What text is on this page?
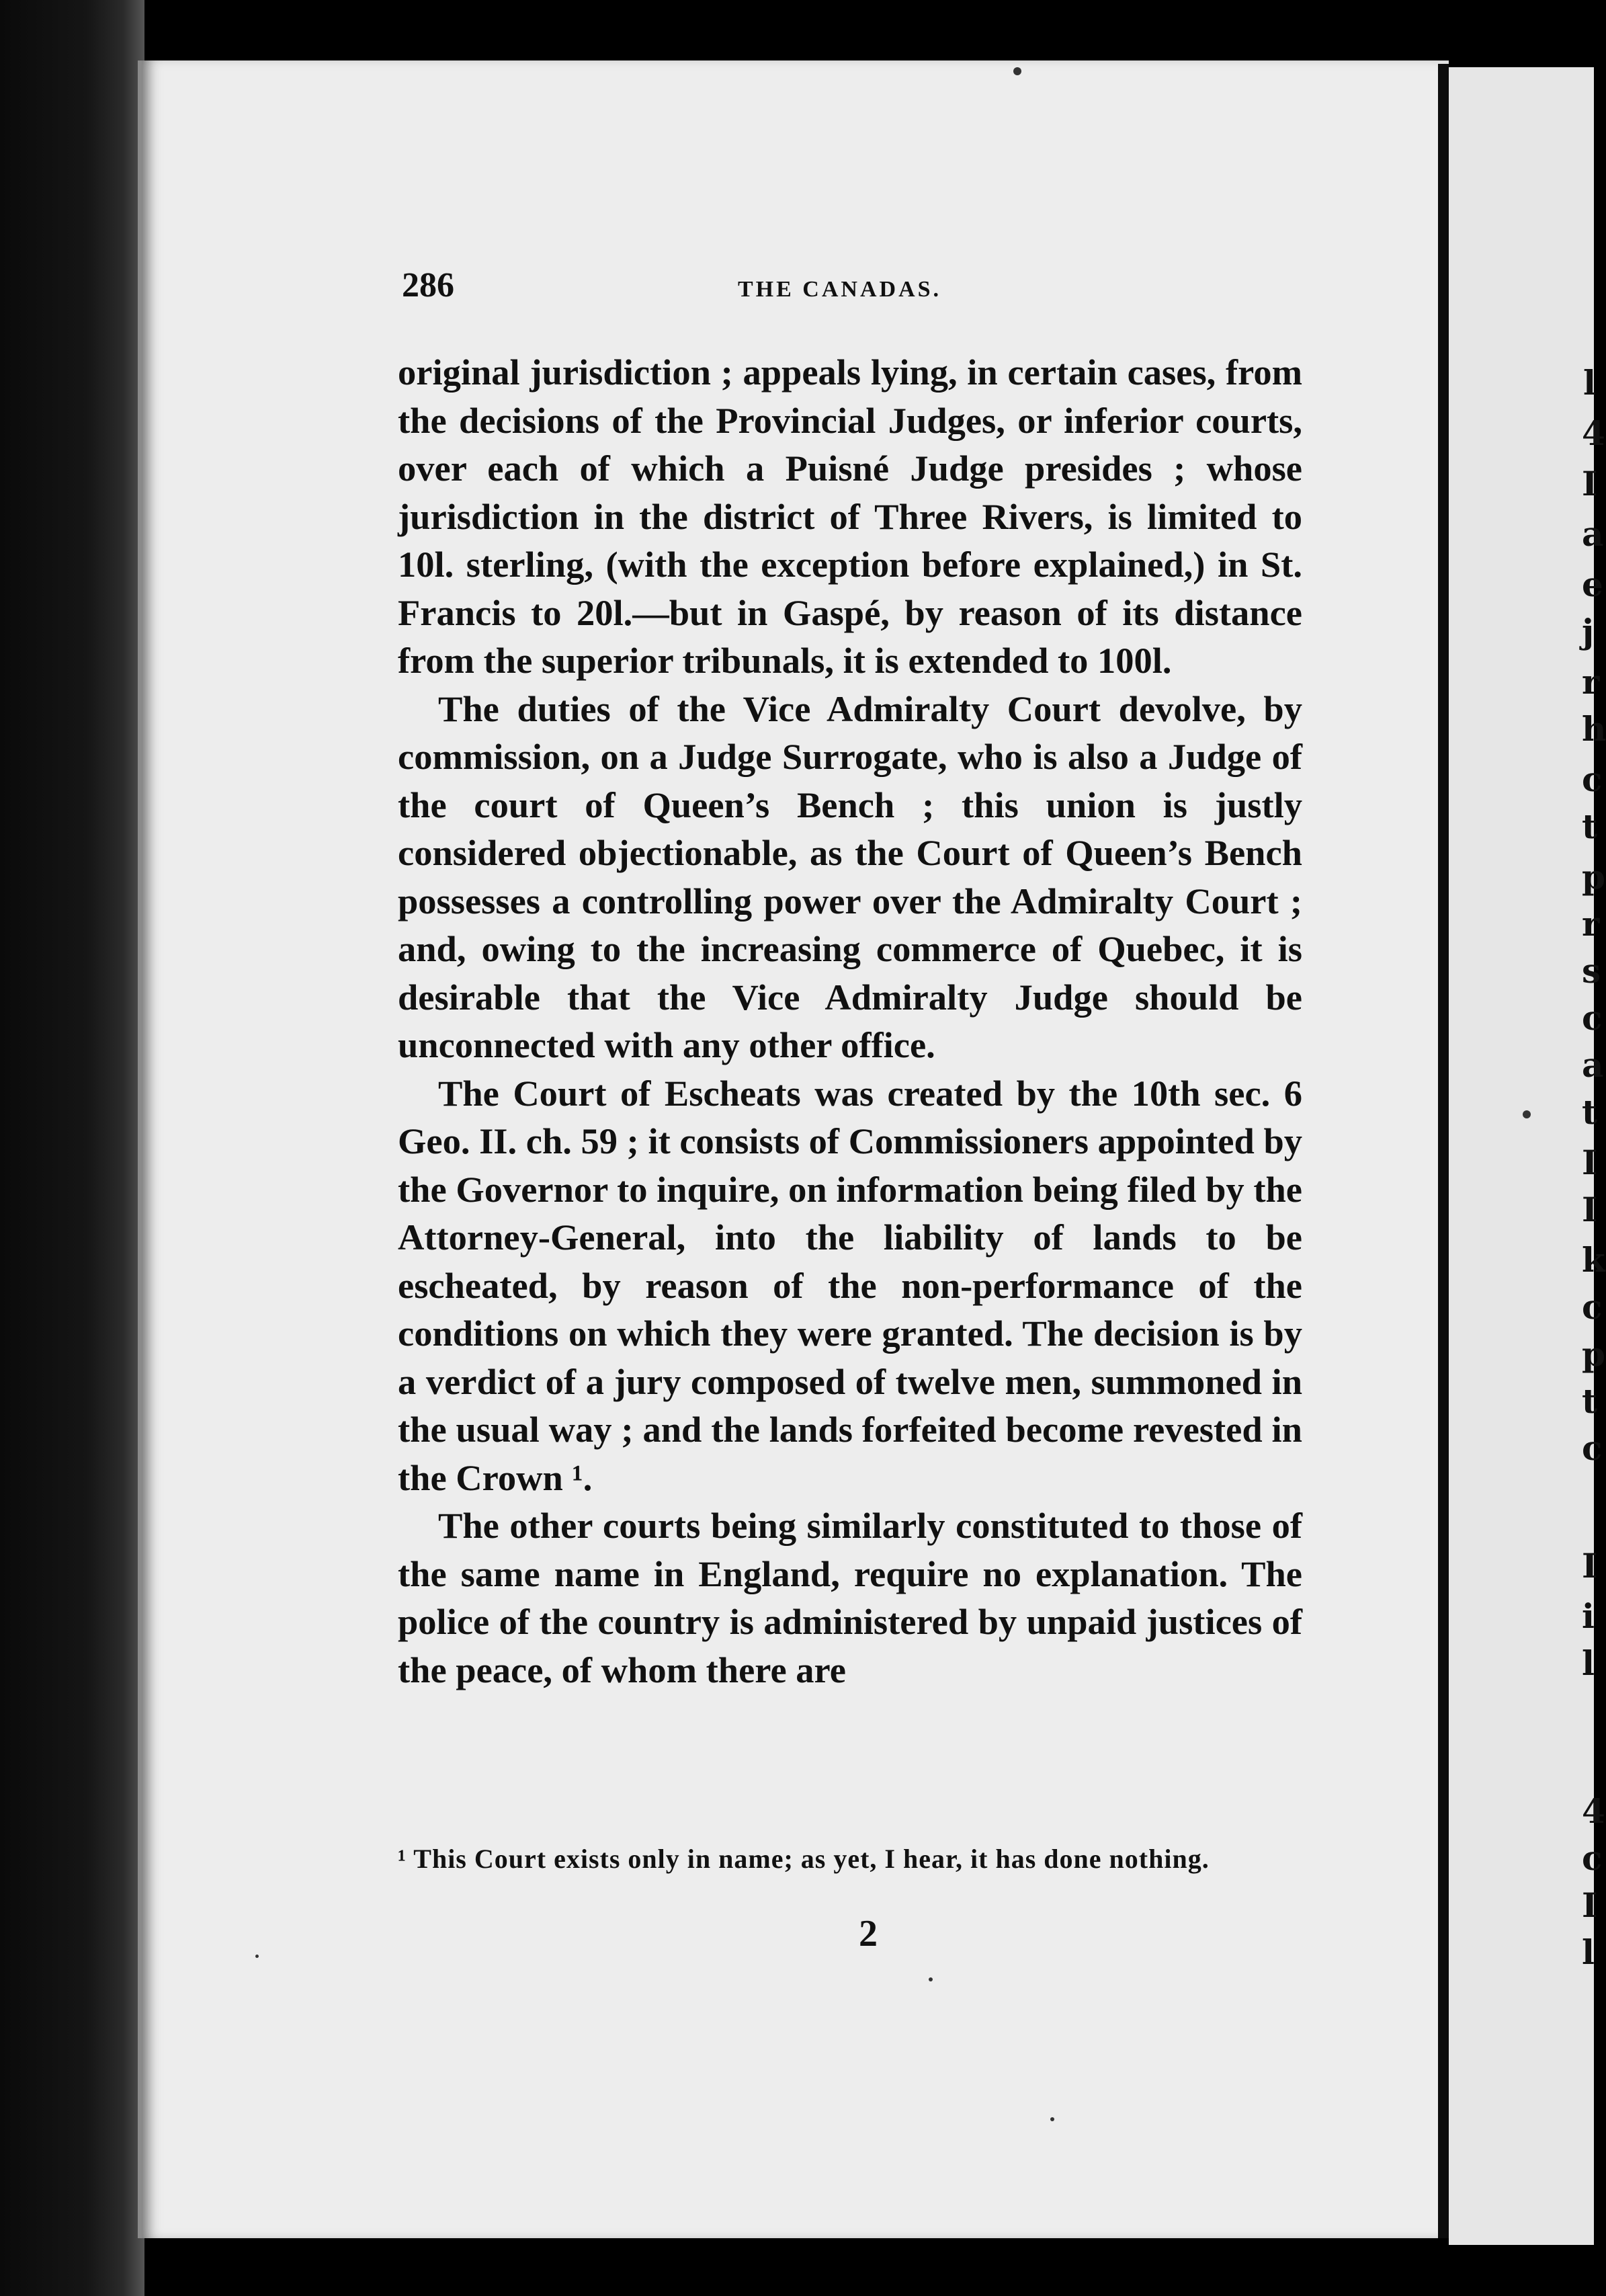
286	THE CANADAS.

original jurisdiction ; appeals lying, in certain cases, from the decisions of the Provincial Judges, or inferior courts, over each of which a Puisné Judge presides ; whose jurisdiction in the district of Three Rivers, is limited to 10l. sterling, (with the exception before explained,) in St. Francis to 20l.—but in Gaspé, by reason of its distance from the superior tribunals, it is extended to 100l.

The duties of the Vice Admiralty Court devolve, by commission, on a Judge Surrogate, who is also a Judge of the court of Queen’s Bench ; this union is justly considered objectionable, as the Court of Queen’s Bench possesses a controlling power over the Admiralty Court ; and, owing to the increasing commerce of Quebec, it is desirable that the Vice Admiralty Judge should be unconnected with any other office.

The Court of Escheats was created by the 10th sec. 6 Geo. II. ch. 59 ; it consists of Commissioners appointed by the Governor to inquire, on information being filed by the Attorney-General, into the liability of lands to be escheated, by reason of the non-performance of the conditions on which they were granted. The decision is by a verdict of a jury composed of twelve men, summoned in the usual way ; and the lands forfeited become revested in the Crown ¹.

The other courts being similarly constituted to those of the same name in England, require no explanation. The police of the country is administered by unpaid justices of the peace, of whom there are

¹ This Court exists only in name; as yet, I hear, it has done nothing.
2
l
4
I
a
e
j
r
h
c
t
p
r
s
c
a
t
I
I
k
c
p
t
c
I
i
l
4
c
I
l
